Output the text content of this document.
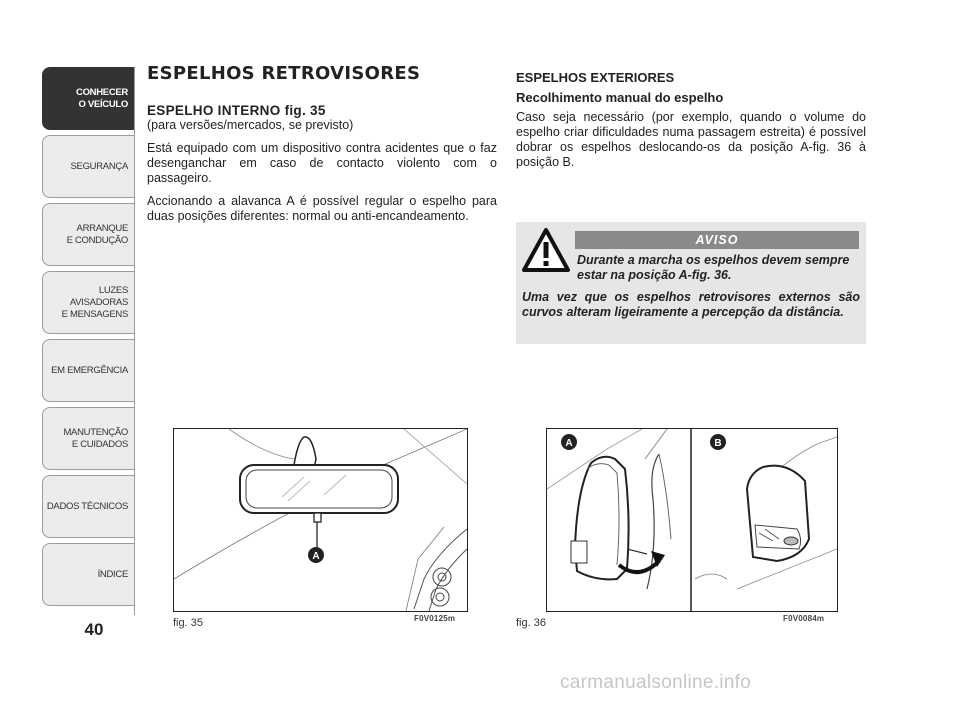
CONHECER
O VEÍCULO
SEGURANÇA
ARRANQUE
E CONDUÇÃO
LUZES AVISADORAS
E MENSAGENS
EM EMERGÊNCIA
MANUTENÇÃO
E CUIDADOS
DADOS TÉCNICOS
ÍNDICE
40
ESPELHOS RETROVISORES
ESPELHO INTERNO fig. 35
(para versões/mercados, se previsto)

Está equipado com um dispositivo contra acidentes que o faz desenganchar em caso de contacto violento com o passageiro.

Accionando a alavanca A é possível regular o espelho para duas posições diferentes: normal ou anti-encandeamento.

ESPELHOS EXTERIORES
Recolhimento manual do espelho

Caso seja necessário (por exemplo, quando o volume do espelho criar dificuldades numa passagem estreita) é possível dobrar os espelhos deslocando-os da posição A-fig. 36 à posição B.

AVISO
Durante a marcha os espelhos devem sempre estar na posição A-fig. 36.
Uma vez que os espelhos retrovisores externos são curvos alteram ligeiramente a percepção da distância.
A
fig. 35	F0V0125m
A	B
fig. 36	F0V0084m
carmanualsonline.info
